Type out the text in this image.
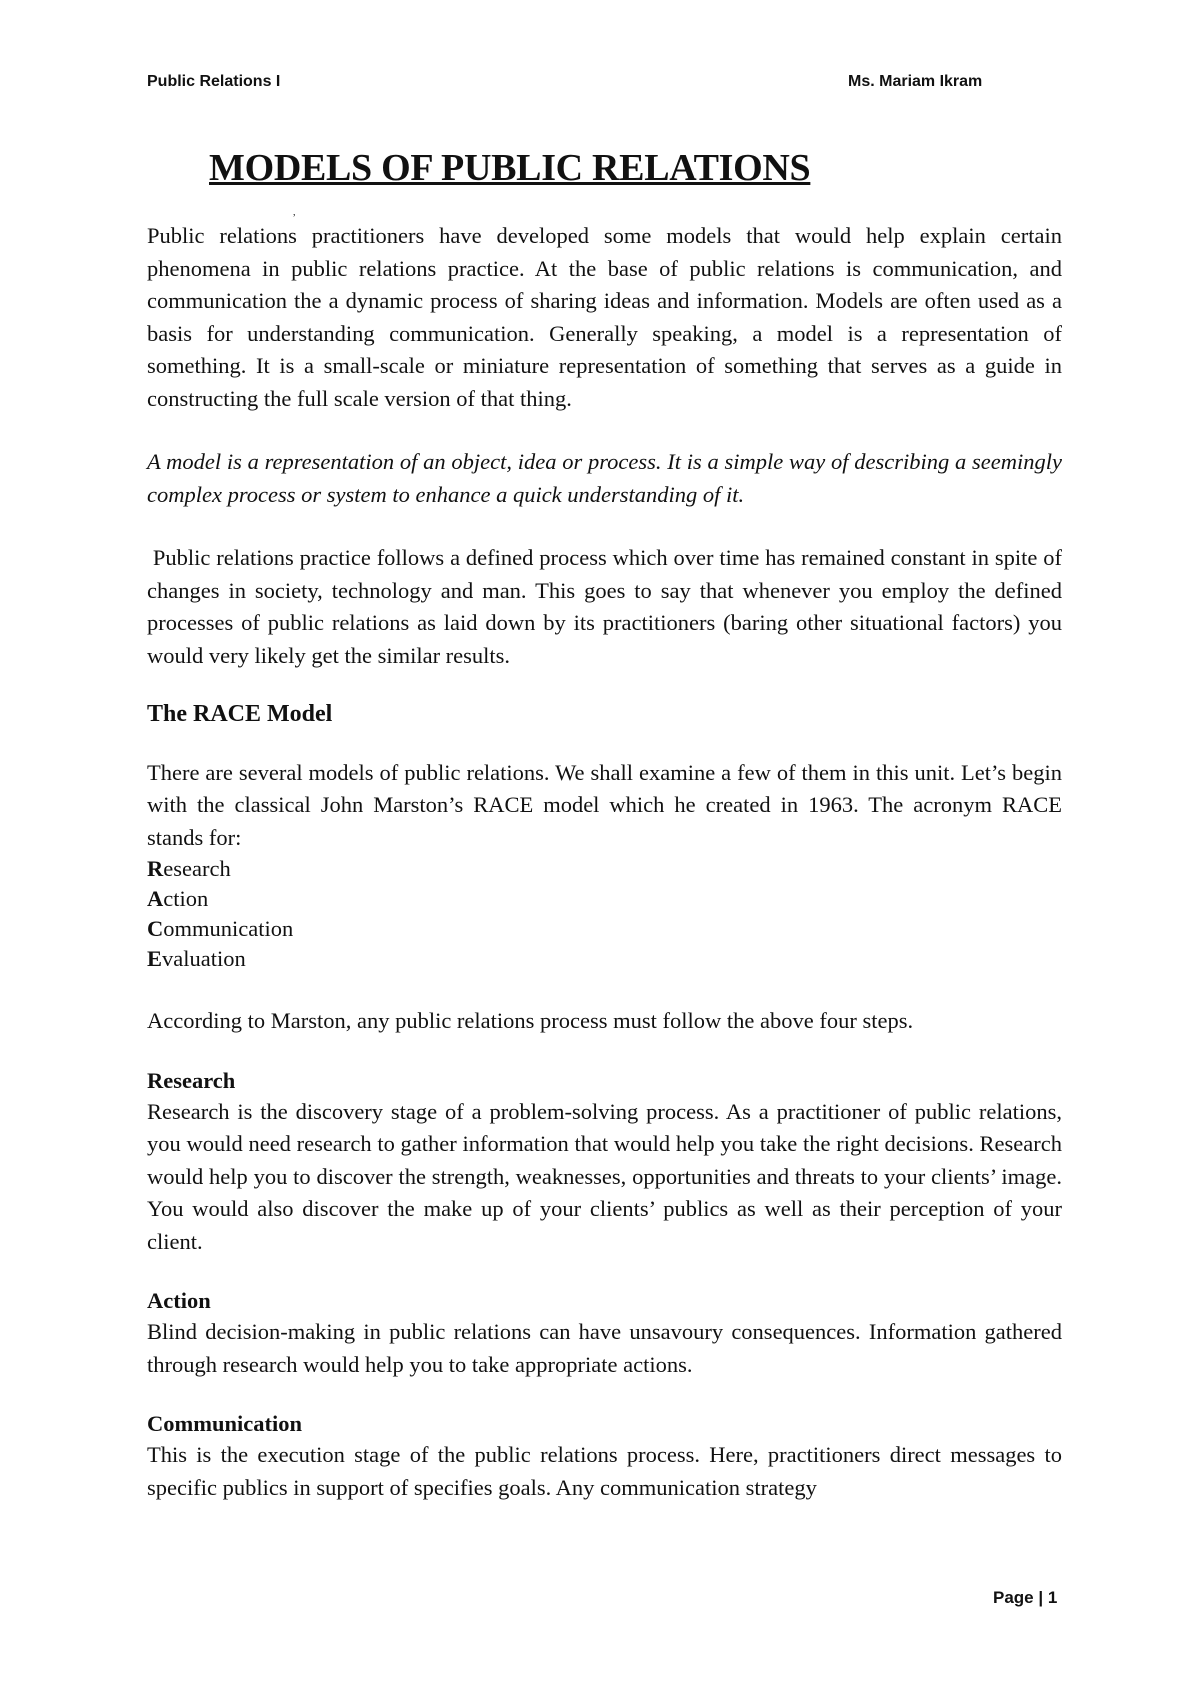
Public Relations I	Ms. Mariam Ikram
MODELS OF PUBLIC RELATIONS
,

Public relations practitioners have developed some models that would help explain certain phenomena in public relations practice. At the base of public relations is communication, and communication the a dynamic process of sharing ideas and information. Models are often used as a basis for understanding communication. Generally speaking, a model is a representation of something. It is a small-scale or miniature representation of something that serves as a guide in constructing the full scale version of that thing.

A model is a representation of an object, idea or process. It is a simple way of describing a seemingly complex process or system to enhance a quick understanding of it.

Public relations practice follows a defined process which over time has remained constant in spite of changes in society, technology and man. This goes to say that whenever you employ the defined processes of public relations as laid down by its practitioners (baring other situational factors) you would very likely get the similar results.

The RACE Model

There are several models of public relations. We shall examine a few of them in this unit. Let’s begin with the classical John Marston’s RACE model which he created in 1963. The acronym RACE stands for:

Research
Action
Communication
Evaluation

According to Marston, any public relations process must follow the above four steps.

Research

Research is the discovery stage of a problem-solving process. As a practitioner of public relations, you would need research to gather information that would help you take the right decisions. Research would help you to discover the strength, weaknesses, opportunities and threats to your clients’ image. You would also discover the make up of your clients’ publics as well as their perception of your client.

Action

Blind decision-making in public relations can have unsavoury consequences. Information gathered through research would help you to take appropriate actions.

Communication

This is the execution stage of the public relations process. Here, practitioners direct messages to specific publics in support of specifies goals. Any communication strategy

Page | 1
